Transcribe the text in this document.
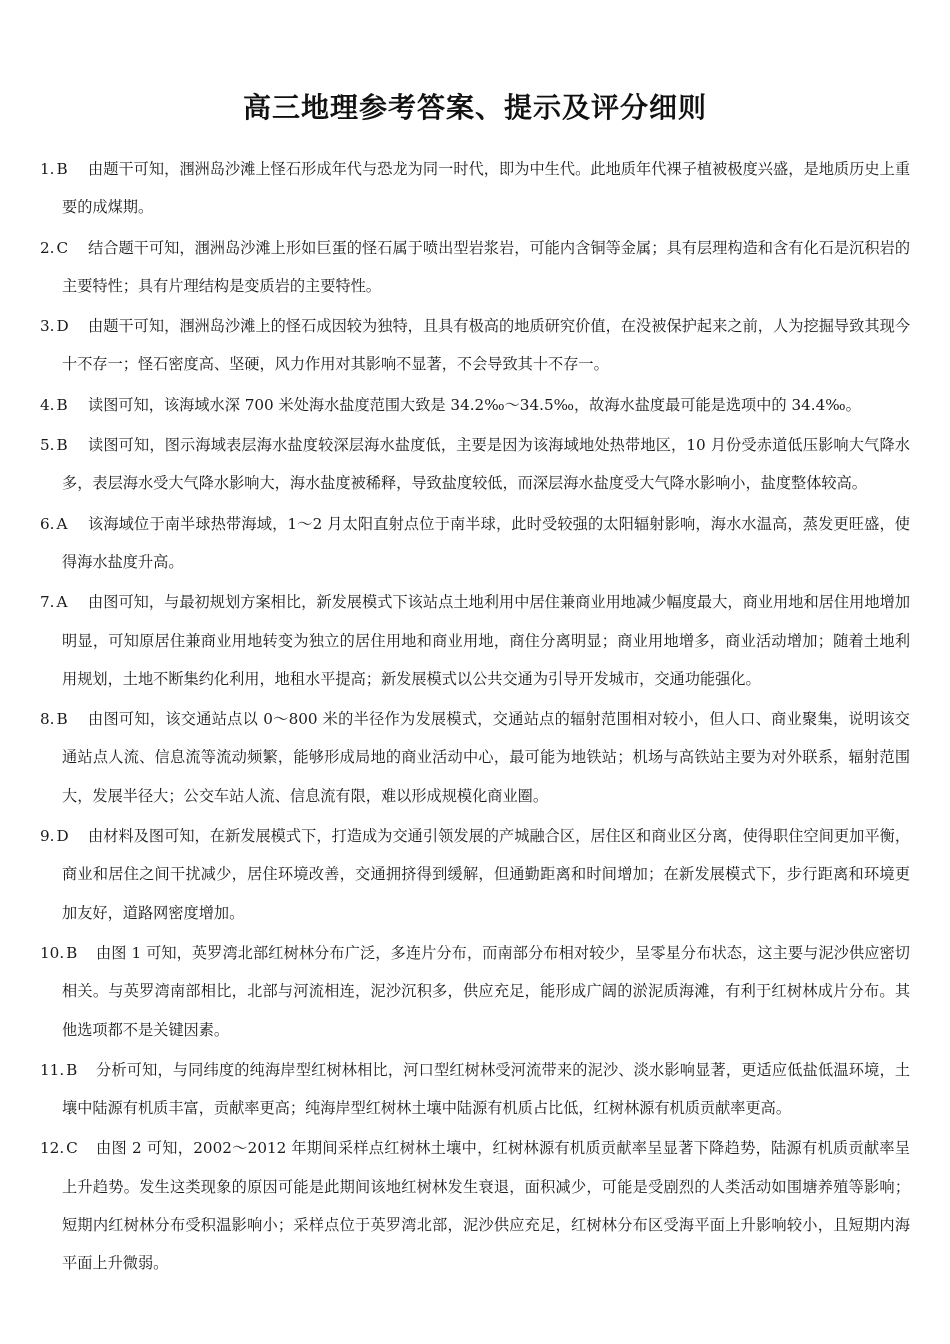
高三地理参考答案、提示及评分细则
1. B	由题干可知，涠洲岛沙滩上怪石形成年代与恐龙为同一时代，即为中生代。此地质年代裸子植被极度兴盛，是地质历史上重要的成煤期。
2. C	结合题干可知，涠洲岛沙滩上形如巨蛋的怪石属于喷出型岩浆岩，可能内含铜等金属；具有层理构造和含有化石是沉积岩的主要特性；具有片理结构是变质岩的主要特性。
3. D	由题干可知，涠洲岛沙滩上的怪石成因较为独特，且具有极高的地质研究价值，在没被保护起来之前，人为挖掘导致其现今十不存一；怪石密度高、坚硬，风力作用对其影响不显著，不会导致其十不存一。
4. B	读图可知，该海域水深 700 米处海水盐度范围大致是 34.2‰～34.5‰，故海水盐度最可能是选项中的 34.4‰。
5. B	读图可知，图示海域表层海水盐度较深层海水盐度低，主要是因为该海域地处热带地区，10 月份受赤道低压影响大气降水多，表层海水受大气降水影响大，海水盐度被稀释，导致盐度较低，而深层海水盐度受大气降水影响小，盐度整体较高。
6. A	该海域位于南半球热带海域，1～2 月太阳直射点位于南半球，此时受较强的太阳辐射影响，海水水温高，蒸发更旺盛，使得海水盐度升高。
7. A	由图可知，与最初规划方案相比，新发展模式下该站点土地利用中居住兼商业用地减少幅度最大，商业用地和居住用地增加明显，可知原居住兼商业用地转变为独立的居住用地和商业用地，商住分离明显；商业用地增多，商业活动增加；随着土地利用规划，土地不断集约化利用，地租水平提高；新发展模式以公共交通为引导开发城市，交通功能强化。
8. B	由图可知，该交通站点以 0～800 米的半径作为发展模式，交通站点的辐射范围相对较小，但人口、商业聚集，说明该交通站点人流、信息流等流动频繁，能够形成局地的商业活动中心，最可能为地铁站；机场与高铁站主要为对外联系，辐射范围大，发展半径大；公交车站人流、信息流有限，难以形成规模化商业圈。
9. D	由材料及图可知，在新发展模式下，打造成为交通引领发展的产城融合区，居住区和商业区分离，使得职住空间更加平衡，商业和居住之间干扰减少，居住环境改善，交通拥挤得到缓解，但通勤距离和时间增加；在新发展模式下，步行距离和环境更加友好，道路网密度增加。
10. B	由图 1 可知，英罗湾北部红树林分布广泛，多连片分布，而南部分布相对较少，呈零星分布状态，这主要与泥沙供应密切相关。与英罗湾南部相比，北部与河流相连，泥沙沉积多，供应充足，能形成广阔的淤泥质海滩，有利于红树林成片分布。其他选项都不是关键因素。
11. B	分析可知，与同纬度的纯海岸型红树林相比，河口型红树林受河流带来的泥沙、淡水影响显著，更适应低盐低温环境，土壤中陆源有机质丰富，贡献率更高；纯海岸型红树林土壤中陆源有机质占比低，红树林源有机质贡献率更高。
12. C	由图 2 可知，2002～2012 年期间采样点红树林土壤中，红树林源有机质贡献率呈显著下降趋势，陆源有机质贡献率呈上升趋势。发生这类现象的原因可能是此期间该地红树林发生衰退，面积减少，可能是受剧烈的人类活动如围塘养殖等影响；短期内红树林分布受积温影响小；采样点位于英罗湾北部，泥沙供应充足，红树林分布区受海平面上升影响较小，且短期内海平面上升微弱。
